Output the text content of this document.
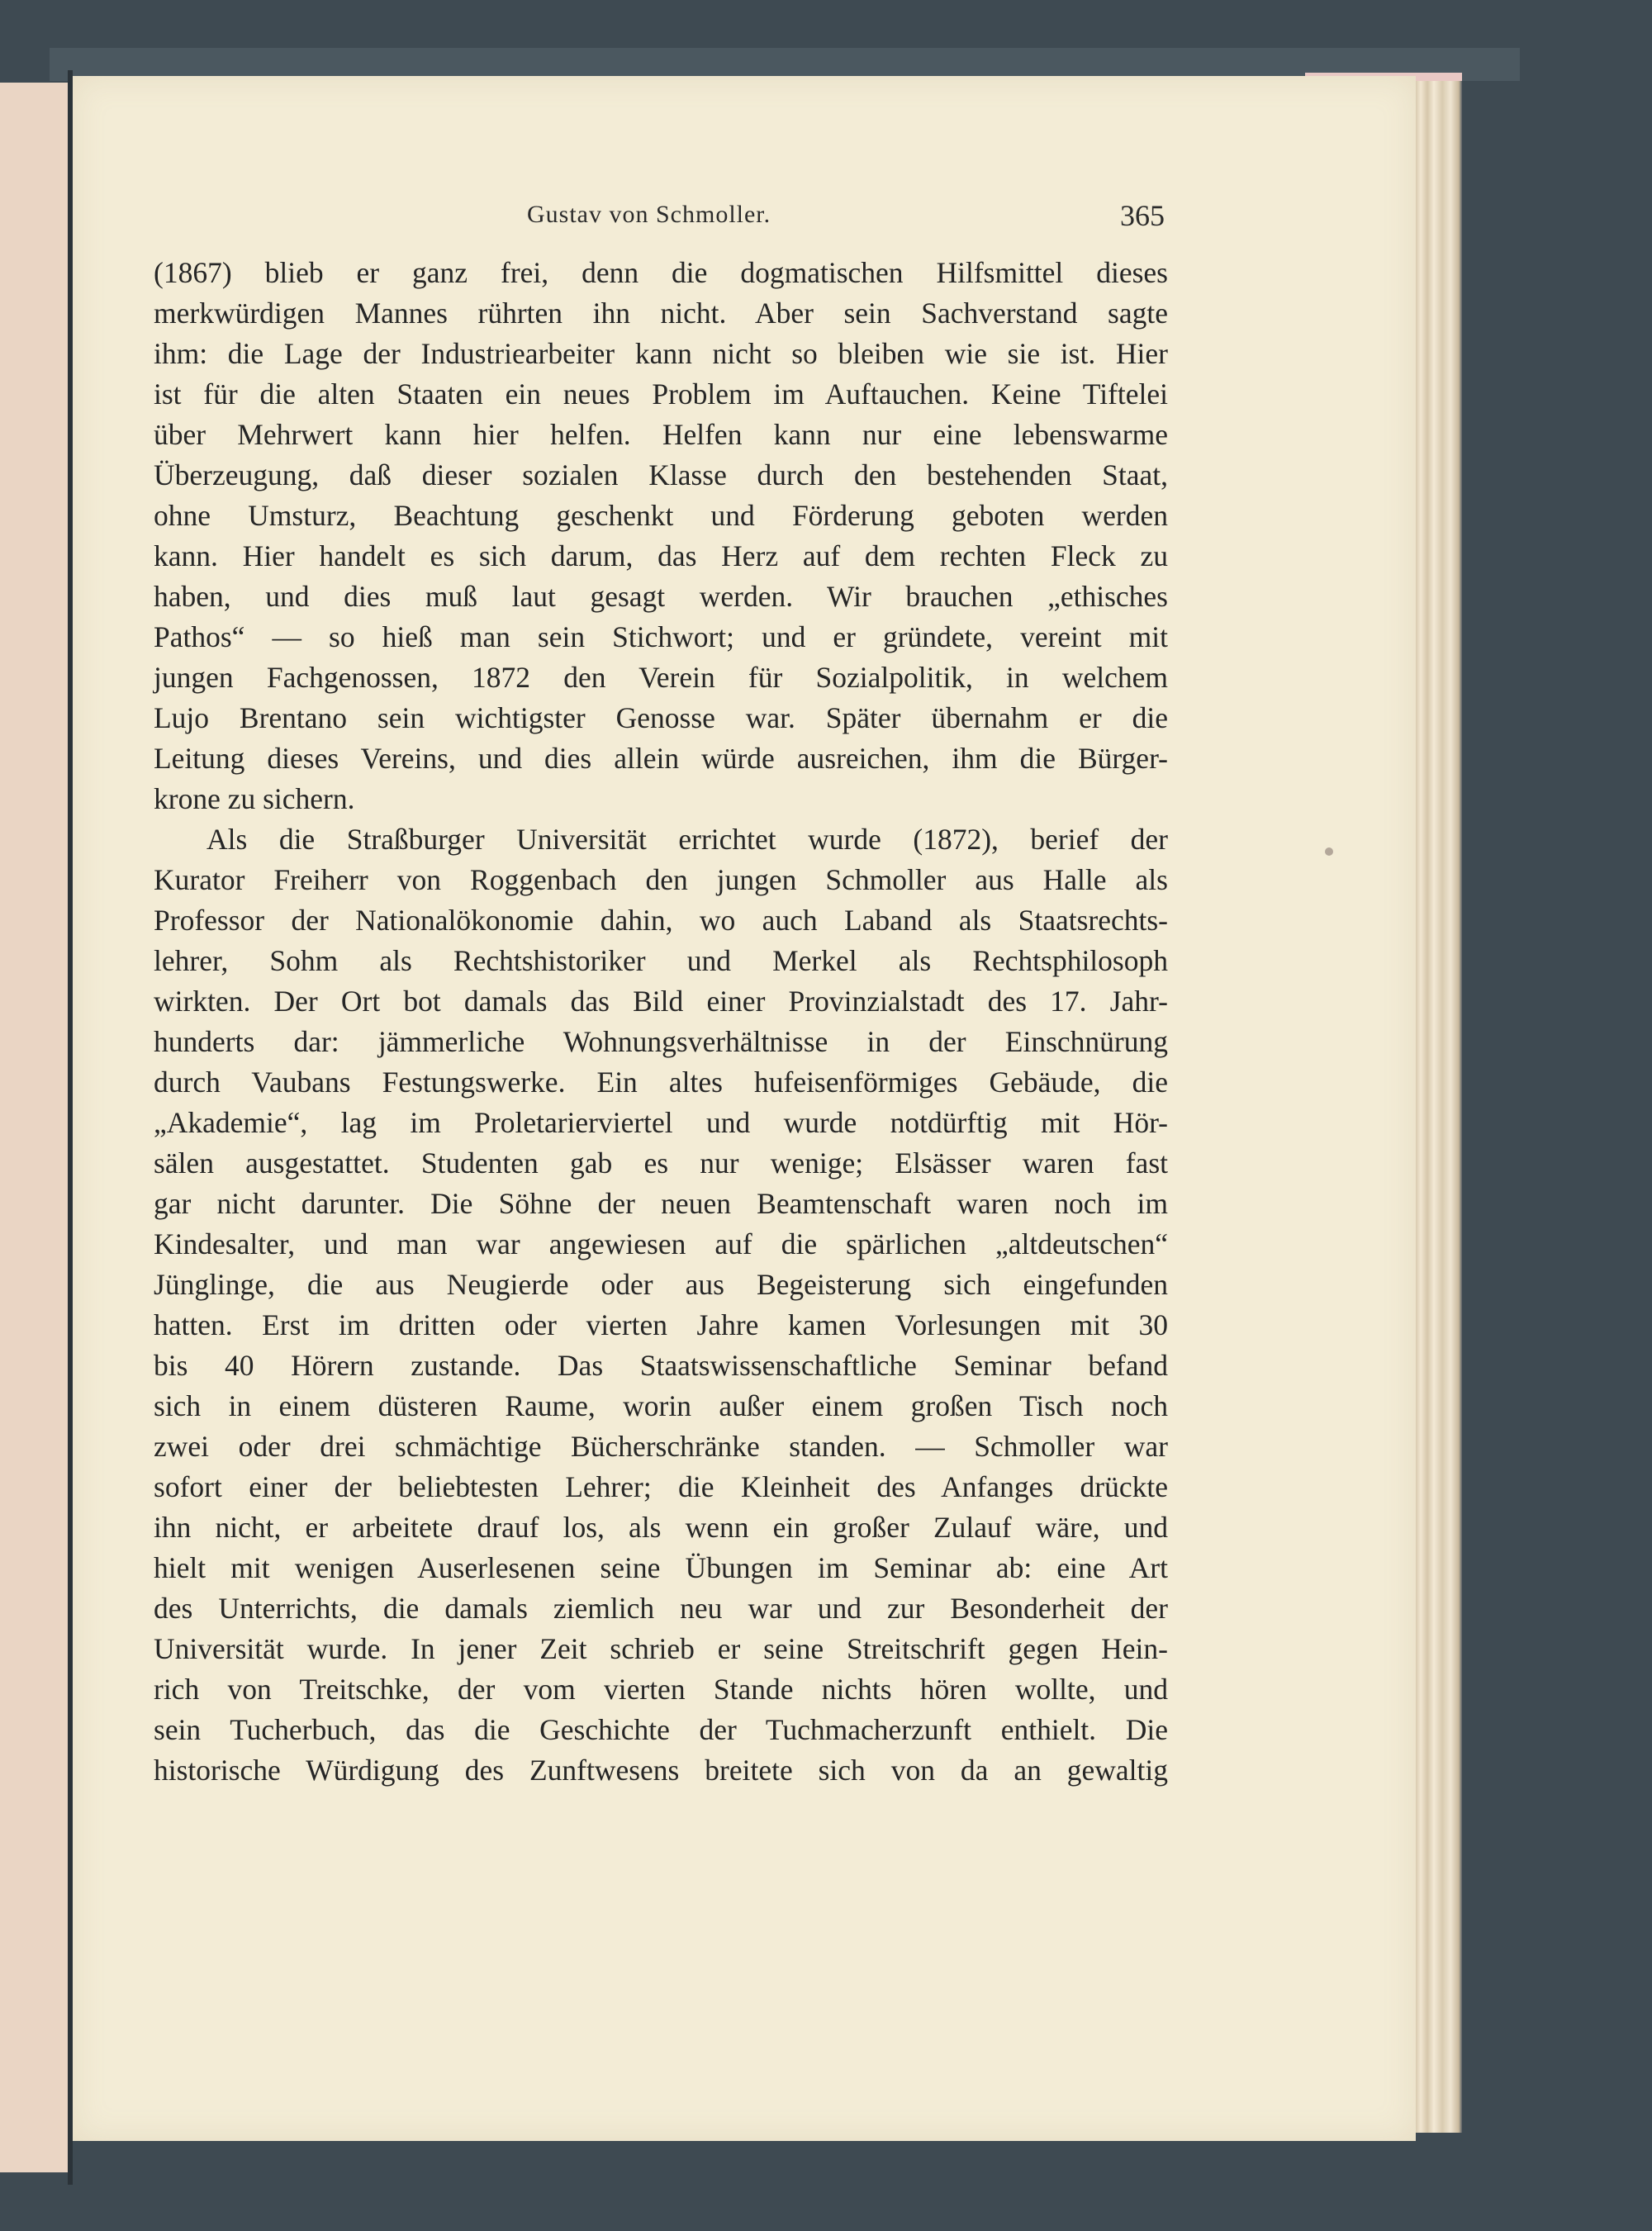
Gustav von Schmoller.	365
(1867) blieb er ganz frei, denn die dogmatischen Hilfsmittel dieses
merkwürdigen Mannes rührten ihn nicht. Aber sein Sachverstand sagte
ihm: die Lage der Industriearbeiter kann nicht so bleiben wie sie ist. Hier
ist für die alten Staaten ein neues Problem im Auftauchen. Keine Tiftelei
über Mehrwert kann hier helfen. Helfen kann nur eine lebenswarme
Überzeugung, daß dieser sozialen Klasse durch den bestehenden Staat,
ohne Umsturz, Beachtung geschenkt und Förderung geboten werden
kann. Hier handelt es sich darum, das Herz auf dem rechten Fleck zu
haben, und dies muß laut gesagt werden. Wir brauchen „ethisches
Pathos“ — so hieß man sein Stichwort; und er gründete, vereint mit
jungen Fachgenossen, 1872 den Verein für Sozialpolitik, in welchem
Lujo Brentano sein wichtigster Genosse war. Später übernahm er die
Leitung dieses Vereins, und dies allein würde ausreichen, ihm die Bürger-
krone zu sichern.
Als die Straßburger Universität errichtet wurde (1872), berief der
Kurator Freiherr von Roggenbach den jungen Schmoller aus Halle als
Professor der Nationalökonomie dahin, wo auch Laband als Staatsrechts-
lehrer, Sohm als Rechtshistoriker und Merkel als Rechtsphilosoph
wirkten. Der Ort bot damals das Bild einer Provinzialstadt des 17. Jahr-
hunderts dar: jämmerliche Wohnungsverhältnisse in der Einschnürung
durch Vaubans Festungswerke. Ein altes hufeisenförmiges Gebäude, die
„Akademie“, lag im Proletarierviertel und wurde notdürftig mit Hör-
sälen ausgestattet. Studenten gab es nur wenige; Elsässer waren fast
gar nicht darunter. Die Söhne der neuen Beamtenschaft waren noch im
Kindesalter, und man war angewiesen auf die spärlichen „altdeutschen“
Jünglinge, die aus Neugierde oder aus Begeisterung sich eingefunden
hatten. Erst im dritten oder vierten Jahre kamen Vorlesungen mit 30
bis 40 Hörern zustande. Das Staatswissenschaftliche Seminar befand
sich in einem düsteren Raume, worin außer einem großen Tisch noch
zwei oder drei schmächtige Bücherschränke standen. — Schmoller war
sofort einer der beliebtesten Lehrer; die Kleinheit des Anfanges drückte
ihn nicht, er arbeitete drauf los, als wenn ein großer Zulauf wäre, und
hielt mit wenigen Auserlesenen seine Übungen im Seminar ab: eine Art
des Unterrichts, die damals ziemlich neu war und zur Besonderheit der
Universität wurde. In jener Zeit schrieb er seine Streitschrift gegen Hein-
rich von Treitschke, der vom vierten Stande nichts hören wollte, und
sein Tucherbuch, das die Geschichte der Tuchmacherzunft enthielt. Die
historische Würdigung des Zunftwesens breitete sich von da an gewaltig
